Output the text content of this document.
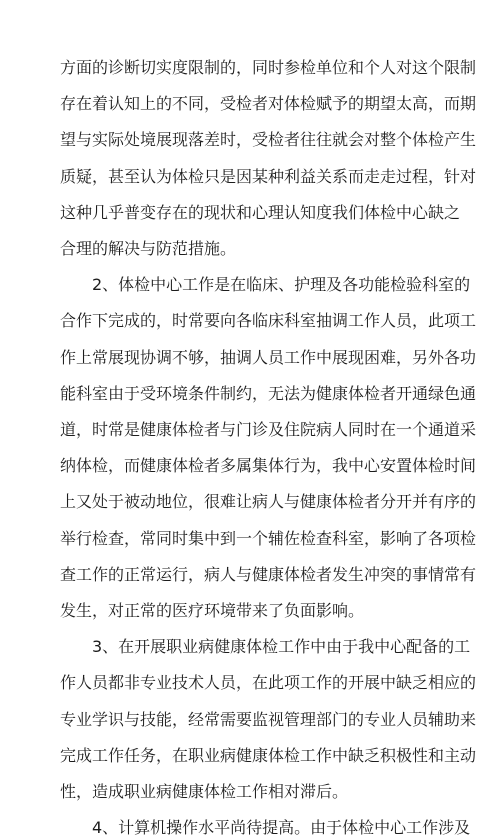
方面的诊断切实度限制的，同时参检单位和个人对这个限制
存在着认知上的不同，受检者对体检赋予的期望太高，而期
望与实际处境展现落差时，受检者往往就会对整个体检产生
质疑，甚至认为体检只是因某种利益关系而走走过程，针对
这种几乎普变存在的现状和心理认知度我们体检中心缺之
合理的解决与防范措施。
2、体检中心工作是在临床、护理及各功能检验科室的
合作下完成的，时常要向各临床科室抽调工作人员，此项工
作上常展现协调不够，抽调人员工作中展现困难，另外各功
能科室由于受环境条件制约，无法为健康体检者开通绿色通
道，时常是健康体检者与门诊及住院病人同时在一个通道采
纳体检，而健康体检者多属集体行为，我中心安置体检时间
上又处于被动地位，很难让病人与健康体检者分开并有序的
举行检查，常同时集中到一个辅佐检查科室，影响了各项检
查工作的正常运行，病人与健康体检者发生冲突的事情常有
发生，对正常的医疗环境带来了负面影响。
3、在开展职业病健康体检工作中由于我中心配备的工
作人员都非专业技术人员，在此项工作的开展中缺乏相应的
专业学识与技能，经常需要监视管理部门的专业人员辅助来
完成工作任务，在职业病健康体检工作中缺乏积极性和主动
性，造成职业病健康体检工作相对滞后。
4、计算机操作水平尚待提高。由于体检中心工作涉及
